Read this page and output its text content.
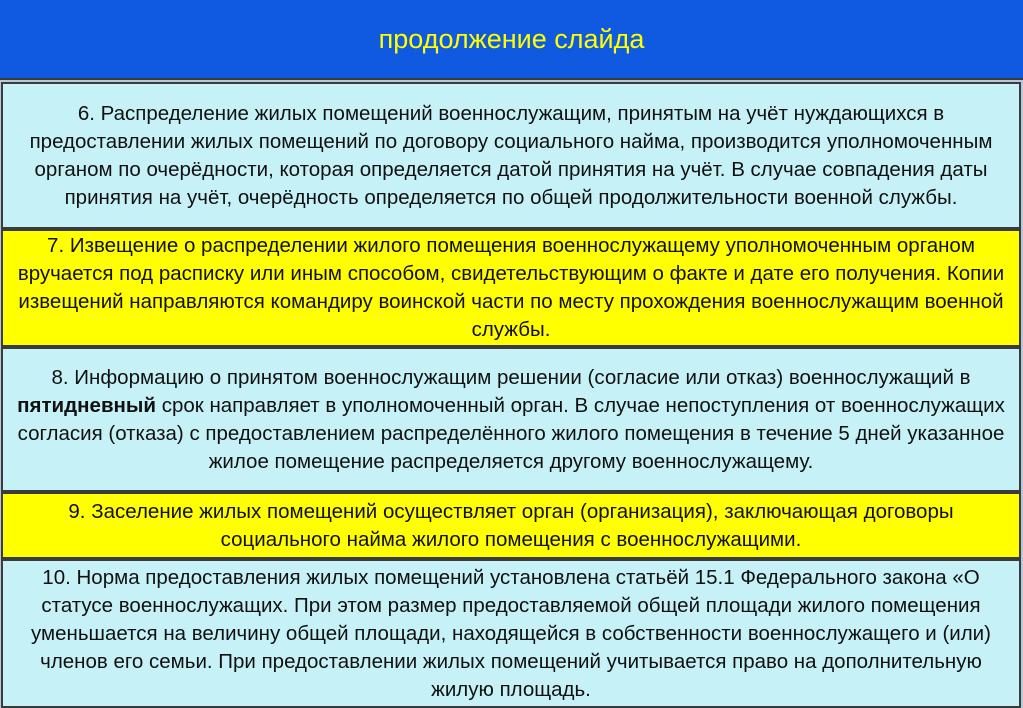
продолжение слайда

6. Распределение жилых помещений военнослужащим, принятым на учёт нуждающихся в предоставлении жилых помещений по договору социального найма, производится уполномоченным органом по очерёдности, которая определяется датой принятия на учёт. В случае совпадения даты принятия на учёт, очерёдность определяется по общей продолжительности военной службы.

7. Извещение о распределении жилого помещения военнослужащему уполномоченным органом вручается под расписку или иным способом, свидетельствующим о факте и дате его получения. Копии извещений направляются командиру воинской части по месту прохождения военнослужащим военной службы.

8. Информацию о принятом военнослужащим решении (согласие или отказ) военнослужащий в пятидневный срок направляет в уполномоченный орган. В случае непоступления от военнослужащих согласия (отказа) с предоставлением распределённого жилого помещения в течение 5 дней указанное жилое помещение распределяется другому военнослужащему.

9. Заселение жилых помещений осуществляет орган (организация), заключающая договоры социального найма жилого помещения с военнослужащими.

10. Норма предоставления жилых помещений установлена статьёй 15.1 Федерального закона «О статусе военнослужащих. При этом размер предоставляемой общей площади жилого помещения уменьшается на величину общей площади, находящейся в собственности военнослужащего и (или) членов его семьи. При предоставлении жилых помещений учитывается право на дополнительную жилую площадь.
